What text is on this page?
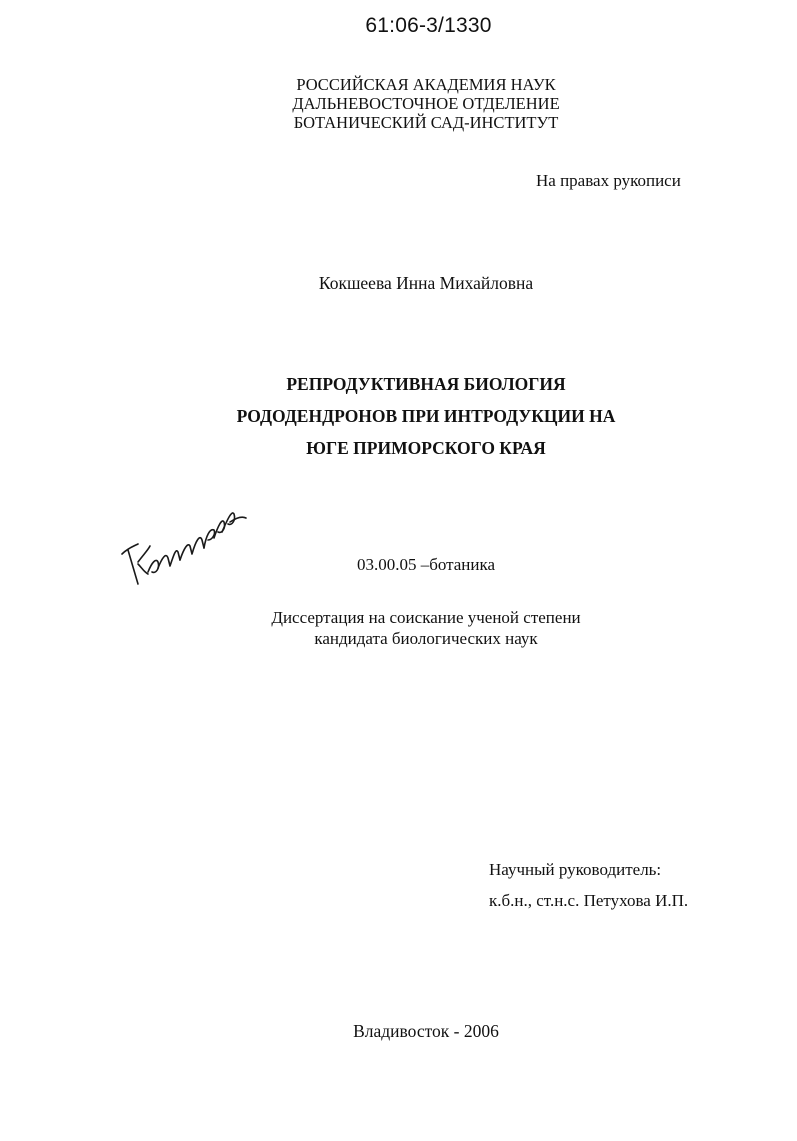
61:06-3/1330
РОССИЙСКАЯ АКАДЕМИЯ НАУК
ДАЛЬНЕВОСТОЧНОЕ ОТДЕЛЕНИЕ
БОТАНИЧЕСКИЙ САД-ИНСТИТУТ
На правах рукописи
Кокшеева Инна Михайловна
РЕПРОДУКТИВНАЯ БИОЛОГИЯ
РОДОДЕНДРОНОВ ПРИ ИНТРОДУКЦИИ НА
ЮГЕ ПРИМОРСКОГО КРАЯ
03.00.05 –ботаника
Диссертация на соискание ученой степени
кандидата биологических наук
Научный руководитель:
к.б.н., ст.н.с. Петухова И.П.
Владивосток - 2006
